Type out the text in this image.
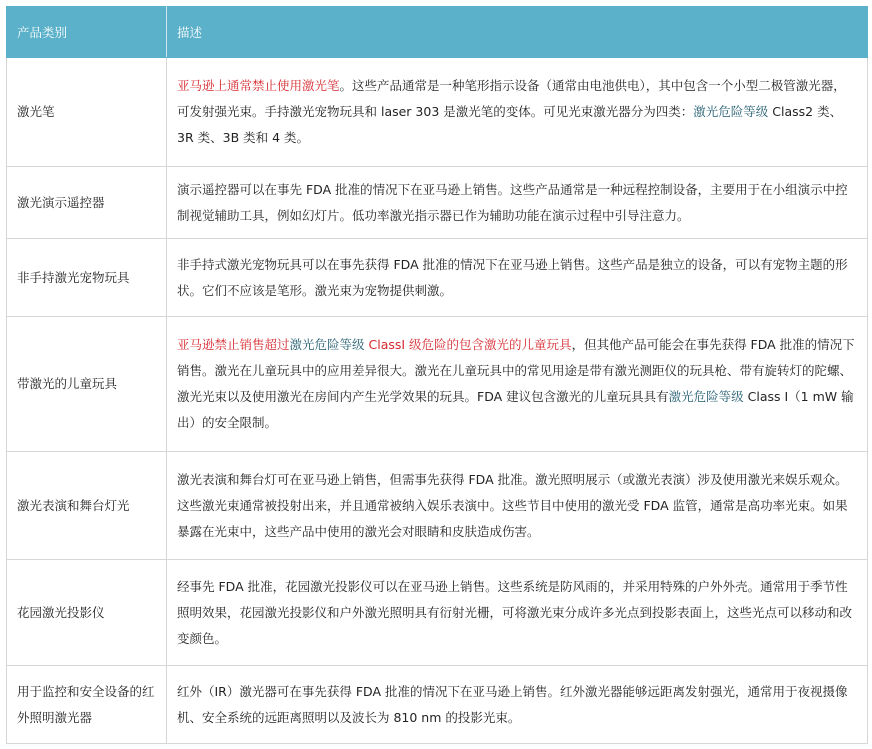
产品类别	描述
激光笔	亚马逊上通常禁止使用激光笔。这些产品通常是一种笔形指示设备（通常由电池供电），其中包含一个小型二极管激光器，可发射强光束。手持激光宠物玩具和 laser 303 是激光笔的变体。可见光束激光器分为四类：激光危险等级 Class2 类、3R 类、3B 类和 4 类。
激光演示遥控器	演示遥控器可以在事先 FDA 批准的情况下在亚马逊上销售。这些产品通常是一种远程控制设备，主要用于在小组演示中控制视觉辅助工具，例如幻灯片。低功率激光指示器已作为辅助功能在演示过程中引导注意力。
非手持激光宠物玩具	非手持式激光宠物玩具可以在事先获得 FDA 批准的情况下在亚马逊上销售。这些产品是独立的设备，可以有宠物主题的形状。它们不应该是笔形。激光束为宠物提供刺激。
带激光的儿童玩具	亚马逊禁止销售超过激光危险等级 ClassI 级危险的包含激光的儿童玩具，但其他产品可能会在事先获得 FDA 批准的情况下销售。激光在儿童玩具中的应用差异很大。激光在儿童玩具中的常见用途是带有激光测距仪的玩具枪、带有旋转灯的陀螺、激光光束以及使用激光在房间内产生光学效果的玩具。FDA 建议包含激光的儿童玩具具有激光危险等级 Class I（1 mW 输出）的安全限制。
激光表演和舞台灯光	激光表演和舞台灯可在亚马逊上销售，但需事先获得 FDA 批准。激光照明展示（或激光表演）涉及使用激光来娱乐观众。这些激光束通常被投射出来，并且通常被纳入娱乐表演中。这些节目中使用的激光受 FDA 监管，通常是高功率光束。如果暴露在光束中，这些产品中使用的激光会对眼睛和皮肤造成伤害。
花园激光投影仪	经事先 FDA 批准，花园激光投影仪可以在亚马逊上销售。这些系统是防风雨的，并采用特殊的户外外壳。通常用于季节性照明效果，花园激光投影仪和户外激光照明具有衍射光栅，可将激光束分成许多光点到投影表面上，这些光点可以移动和改变颜色。
用于监控和安全设备的红外照明激光器	红外（IR）激光器可在事先获得 FDA 批准的情况下在亚马逊上销售。红外激光器能够远距离发射强光，通常用于夜视摄像机、安全系统的远距离照明以及波长为 810 nm 的投影光束。
